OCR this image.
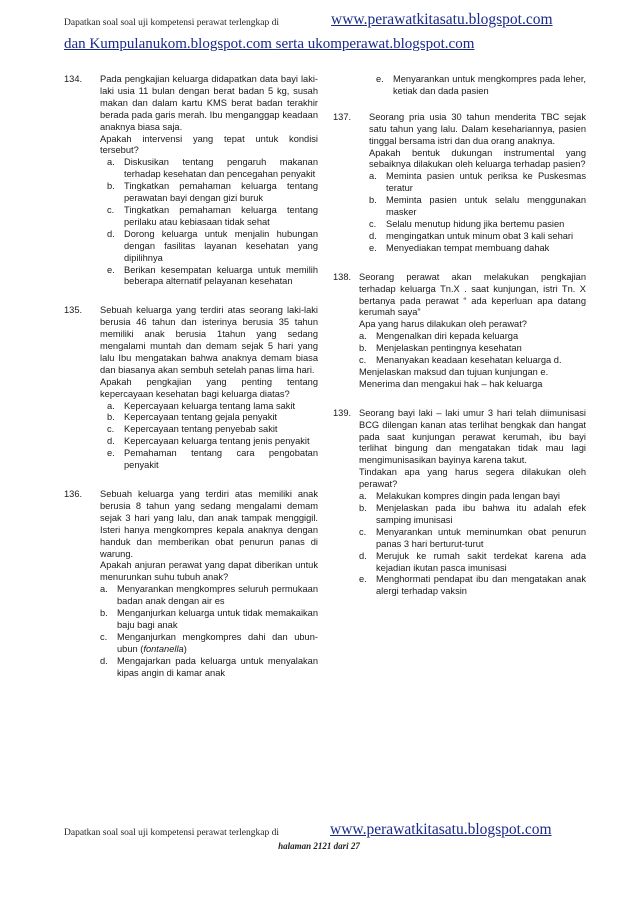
Dapatkan soal soal uji kompetensi perawat terlengkap di	www.perawatkitasatu.blogspot.com
dan Kumpulanukom.blogspot.com serta ukomperawat.blogspot.com
134. Pada pengkajian keluarga didapatkan data bayi laki-laki usia 11 bulan dengan berat badan 5 kg, susah makan dan dalam kartu KMS berat badan terakhir berada pada garis merah. Ibu menganggap keadaan anaknya biasa saja.

Apakah intervensi yang tepat untuk kondisi tersebut?

a. Diskusikan tentang pengaruh makanan terhadap kesehatan dan pencegahan penyakit
b. Tingkatkan pemahaman keluarga tentang perawatan bayi dengan gizi buruk
c. Tingkatkan pemahaman keluarga tentang perilaku atau kebiasaan tidak sehat
d. Dorong keluarga untuk menjalin hubungan dengan fasilitas layanan kesehatan yang dipilihnya
e. Berikan kesempatan keluarga untuk memilih beberapa alternatif pelayanan kesehatan
135. Sebuah keluarga yang terdiri atas seorang laki-laki berusia 46 tahun dan isterinya berusia 35 tahun memiliki anak berusia 1tahun yang sedang mengalami muntah dan demam sejak 5 hari yang lalu Ibu mengatakan bahwa anaknya demam biasa dan biasanya akan sembuh setelah panas lima hari.

Apakah pengkajian yang penting tentang kepercayaan kesehatan bagi keluarga diatas?

a. Kepercayaan keluarga tentang lama sakit
b. Kepercayaan tentang gejala penyakit
c. Kepercayaan tentang penyebab sakit
d. Kepercayaan keluarga tentang jenis penyakit
e. Pemahaman tentang cara pengobatan penyakit
136. Sebuah keluarga yang terdiri atas memiliki anak berusia 8 tahun yang sedang mengalami demam sejak 3 hari yang lalu, dan anak tampak menggigil. Isteri hanya mengkompres kepala anaknya dengan handuk dan memberikan obat penurun panas di warung.

Apakah anjuran perawat yang dapat diberikan untuk menurunkan suhu tubuh anak?

a. Menyarankan mengkompres seluruh permukaan badan anak dengan air es
b. Menganjurkan keluarga untuk tidak memakaikan baju bagi anak
c. Menganjurkan mengkompres dahi dan ubun-ubun (fontanella)
d. Mengajarkan pada keluarga untuk menyalakan kipas angin di kamar anak
e. Menyarankan untuk mengkompres pada leher, ketiak dan dada pasien
137. Seorang pria usia 30 tahun menderita TBC sejak satu tahun yang lalu. Dalam kesehariannya, pasien tinggal bersama istri dan dua orang anaknya.

Apakah bentuk dukungan instrumental yang sebaiknya dilakukan oleh keluarga terhadap pasien?

a. Meminta pasien untuk periksa ke Puskesmas teratur
b. Meminta pasien untuk selalu menggunakan masker
c. Selalu menutup hidung jika bertemu pasien
d. mengingatkan untuk minum obat 3 kali sehari
e. Menyediakan tempat membuang dahak
138. Seorang perawat akan melakukan pengkajian terhadap keluarga Tn.X . saat kunjungan, istri Tn. X bertanya pada perawat “ ada keperluan apa datang kerumah saya”

Apa yang harus dilakukan oleh perawat?

a. Mengenalkan diri kepada keluarga
b. Menjelaskan pentingnya kesehatan
c. Menanyakan keadaan kesehatan keluarga d.
Menjelaskan maksud dan tujuan kunjungan e.
Menerima dan mengakui hak – hak keluarga
139. Seorang bayi laki – laki umur 3 hari telah diimunisasi BCG dilengan kanan atas terlihat bengkak dan hangat pada saat kunjungan perawat kerumah, ibu bayi terlihat bingung dan mengatakan tidak mau lagi mengimunisasikan bayinya karena takut.

Tindakan apa yang harus segera dilakukan oleh perawat?

a. Melakukan kompres dingin pada lengan bayi
b. Menjelaskan pada ibu bahwa itu adalah efek samping imunisasi
c. Menyarankan untuk meminumkan obat penurun panas 3 hari berturut-turut
d. Merujuk ke rumah sakit terdekat karena ada kejadian ikutan pasca imunisasi
e. Menghormati pendapat ibu dan mengatakan anak alergi terhadap vaksin
Dapatkan soal soal uji kompetensi perawat terlengkap di	www.perawatkitasatu.blogspot.com
halaman 2121 dari 27
